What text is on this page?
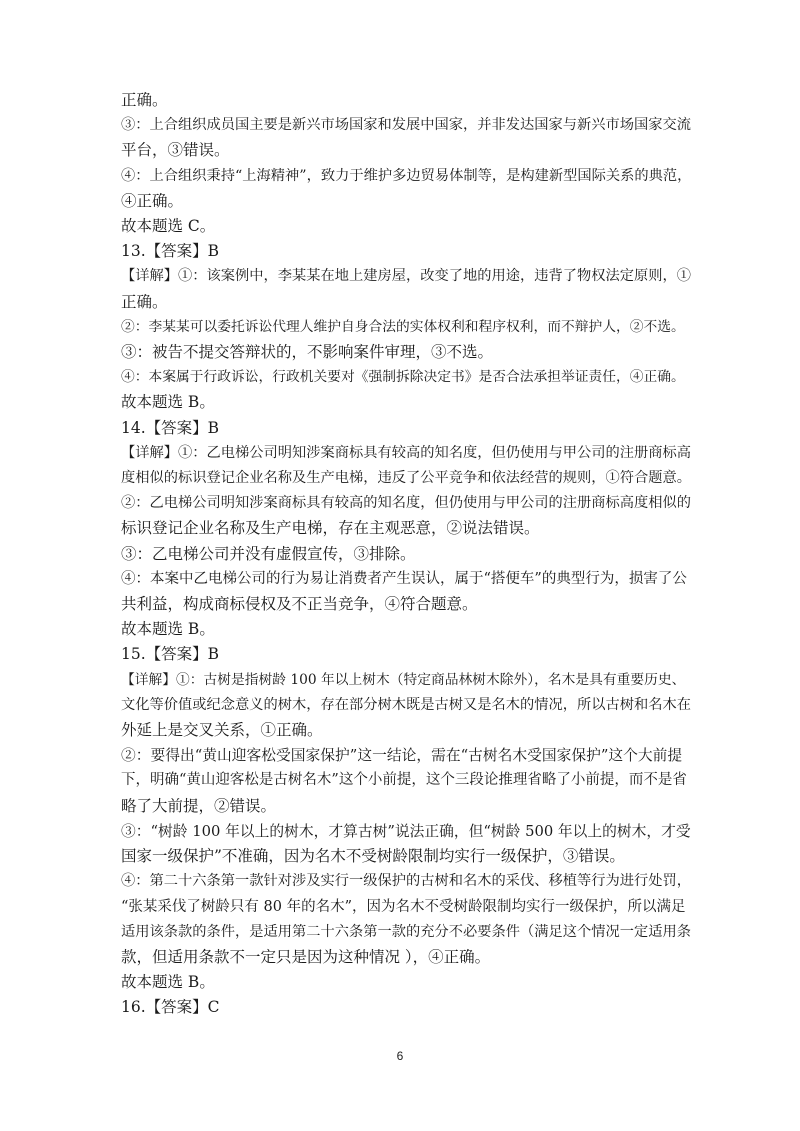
正确。
③：上合组织成员国主要是新兴市场国家和发展中国家，并非发达国家与新兴市场国家交流
平台，③错误。
④：上合组织秉持“上海精神”，致力于维护多边贸易体制等，是构建新型国际关系的典范，
④正确。
故本题选 C。
13.【答案】B
【详解】①：该案例中，李某某在地上建房屋，改变了地的用途，违背了物权法定原则，①
正确。
②：李某某可以委托诉讼代理人维护自身合法的实体权利和程序权利，而不辩护人，②不选。
③：被告不提交答辩状的，不影响案件审理，③不选。
④：本案属于行政诉讼，行政机关要对《强制拆除决定书》是否合法承担举证责任，④正确。
故本题选 B。
14.【答案】B
【详解】①：乙电梯公司明知涉案商标具有较高的知名度，但仍使用与甲公司的注册商标高
度相似的标识登记企业名称及生产电梯，违反了公平竞争和依法经营的规则，①符合题意。
②：乙电梯公司明知涉案商标具有较高的知名度，但仍使用与甲公司的注册商标高度相似的
标识登记企业名称及生产电梯，存在主观恶意，②说法错误。
③：乙电梯公司并没有虚假宣传，③排除。
④：本案中乙电梯公司的行为易让消费者产生误认，属于“搭便车”的典型行为，损害了公
共利益，构成商标侵权及不正当竞争，④符合题意。
故本题选 B。
15.【答案】B
【详解】①：古树是指树龄 100 年以上树木（特定商品林树木除外），名木是具有重要历史、
文化等价值或纪念意义的树木，存在部分树木既是古树又是名木的情况，所以古树和名木在
外延上是交叉关系，①正确。
②：要得出“黄山迎客松受国家保护”这一结论，需在“古树名木受国家保护”这个大前提
下，明确“黄山迎客松是古树名木”这个小前提，这个三段论推理省略了小前提，而不是省
略了大前提，②错误。
③：“树龄 100 年以上的树木，才算古树”说法正确，但“树龄 500 年以上的树木，才受
国家一级保护”不准确，因为名木不受树龄限制均实行一级保护，③错误。
④：第二十六条第一款针对涉及实行一级保护的古树和名木的采伐、移植等行为进行处罚，
“张某采伐了树龄只有 80 年的名木”，因为名木不受树龄限制均实行一级保护，所以满足
适用该条款的条件，是适用第二十六条第一款的充分不必要条件（满足这个情况一定适用条
款，但适用条款不一定只是因为这种情况 ），④正确。
故本题选 B。
16.【答案】C
6
